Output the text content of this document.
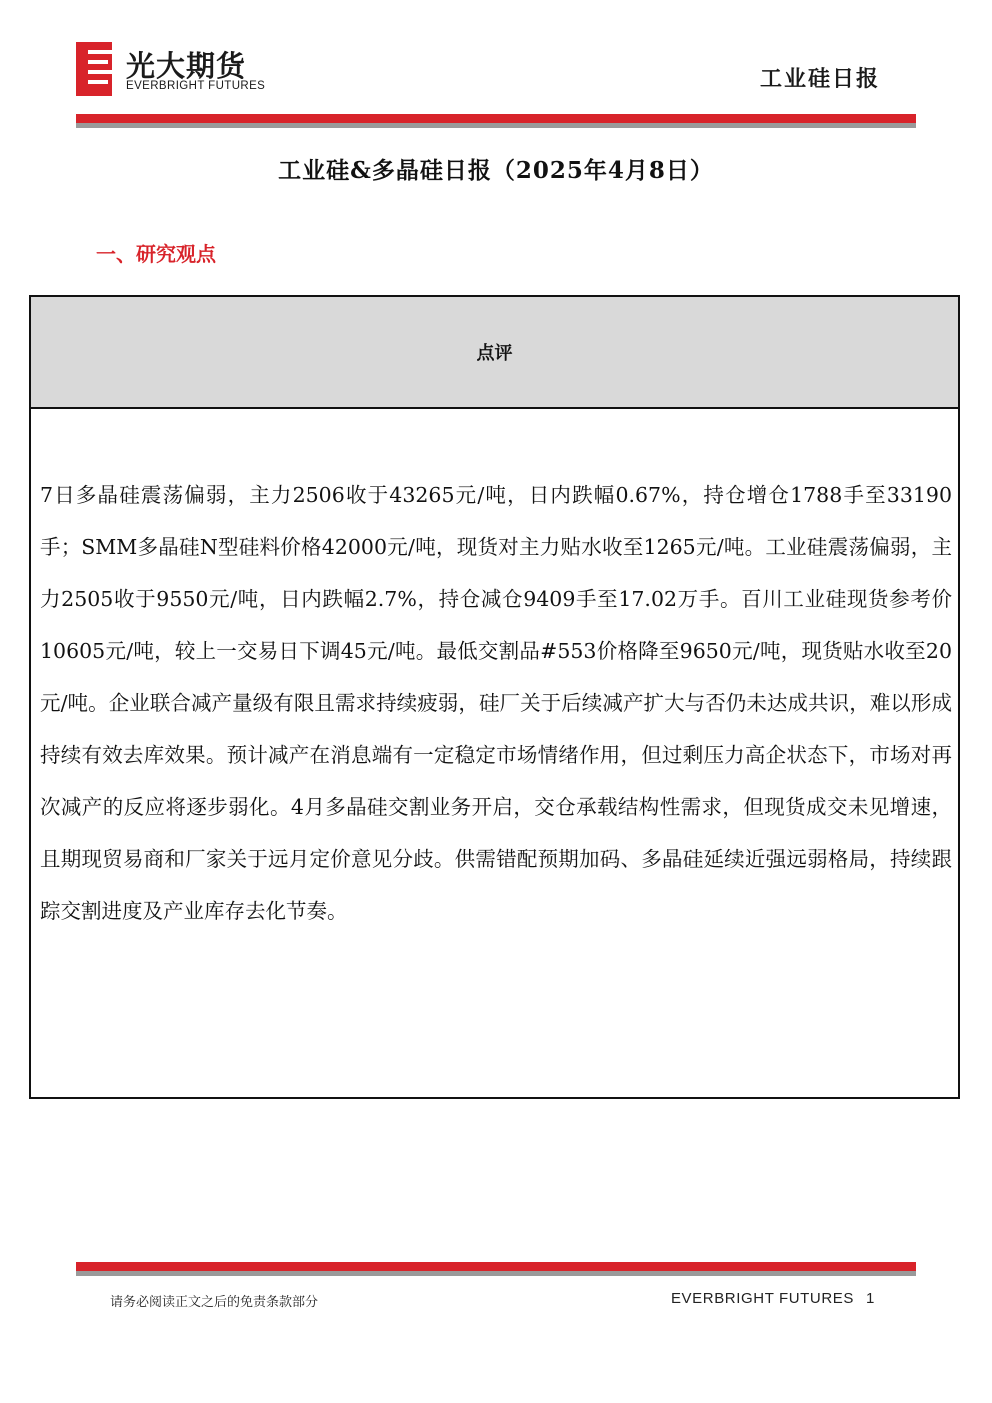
光大期货
EVERBRIGHT FUTURES	工业硅日报
工业硅&多晶硅日报（2025年4月8日）
一、研究观点
点评
7日多晶硅震荡偏弱，主力2506收于43265元/吨，日内跌幅0.67%，持仓增仓1788手至33190手；SMM多晶硅N型硅料价格42000元/吨，现货对主力贴水收至1265元/吨。工业硅震荡偏弱，主力2505收于9550元/吨，日内跌幅2.7%，持仓减仓9409手至17.02万手。百川工业硅现货参考价10605元/吨，较上一交易日下调45元/吨。最低交割品#553价格降至9650元/吨，现货贴水收至20元/吨。企业联合减产量级有限且需求持续疲弱，硅厂关于后续减产扩大与否仍未达成共识，难以形成持续有效去库效果。预计减产在消息端有一定稳定市场情绪作用，但过剩压力高企状态下，市场对再次减产的反应将逐步弱化。4月多晶硅交割业务开启，交仓承载结构性需求，但现货成交未见增速，且期现贸易商和厂家关于远月定价意见分歧。供需错配预期加码、多晶硅延续近强远弱格局，持续跟踪交割进度及产业库存去化节奏。
请务必阅读正文之后的免责条款部分	EVERBRIGHT FUTURES 1
